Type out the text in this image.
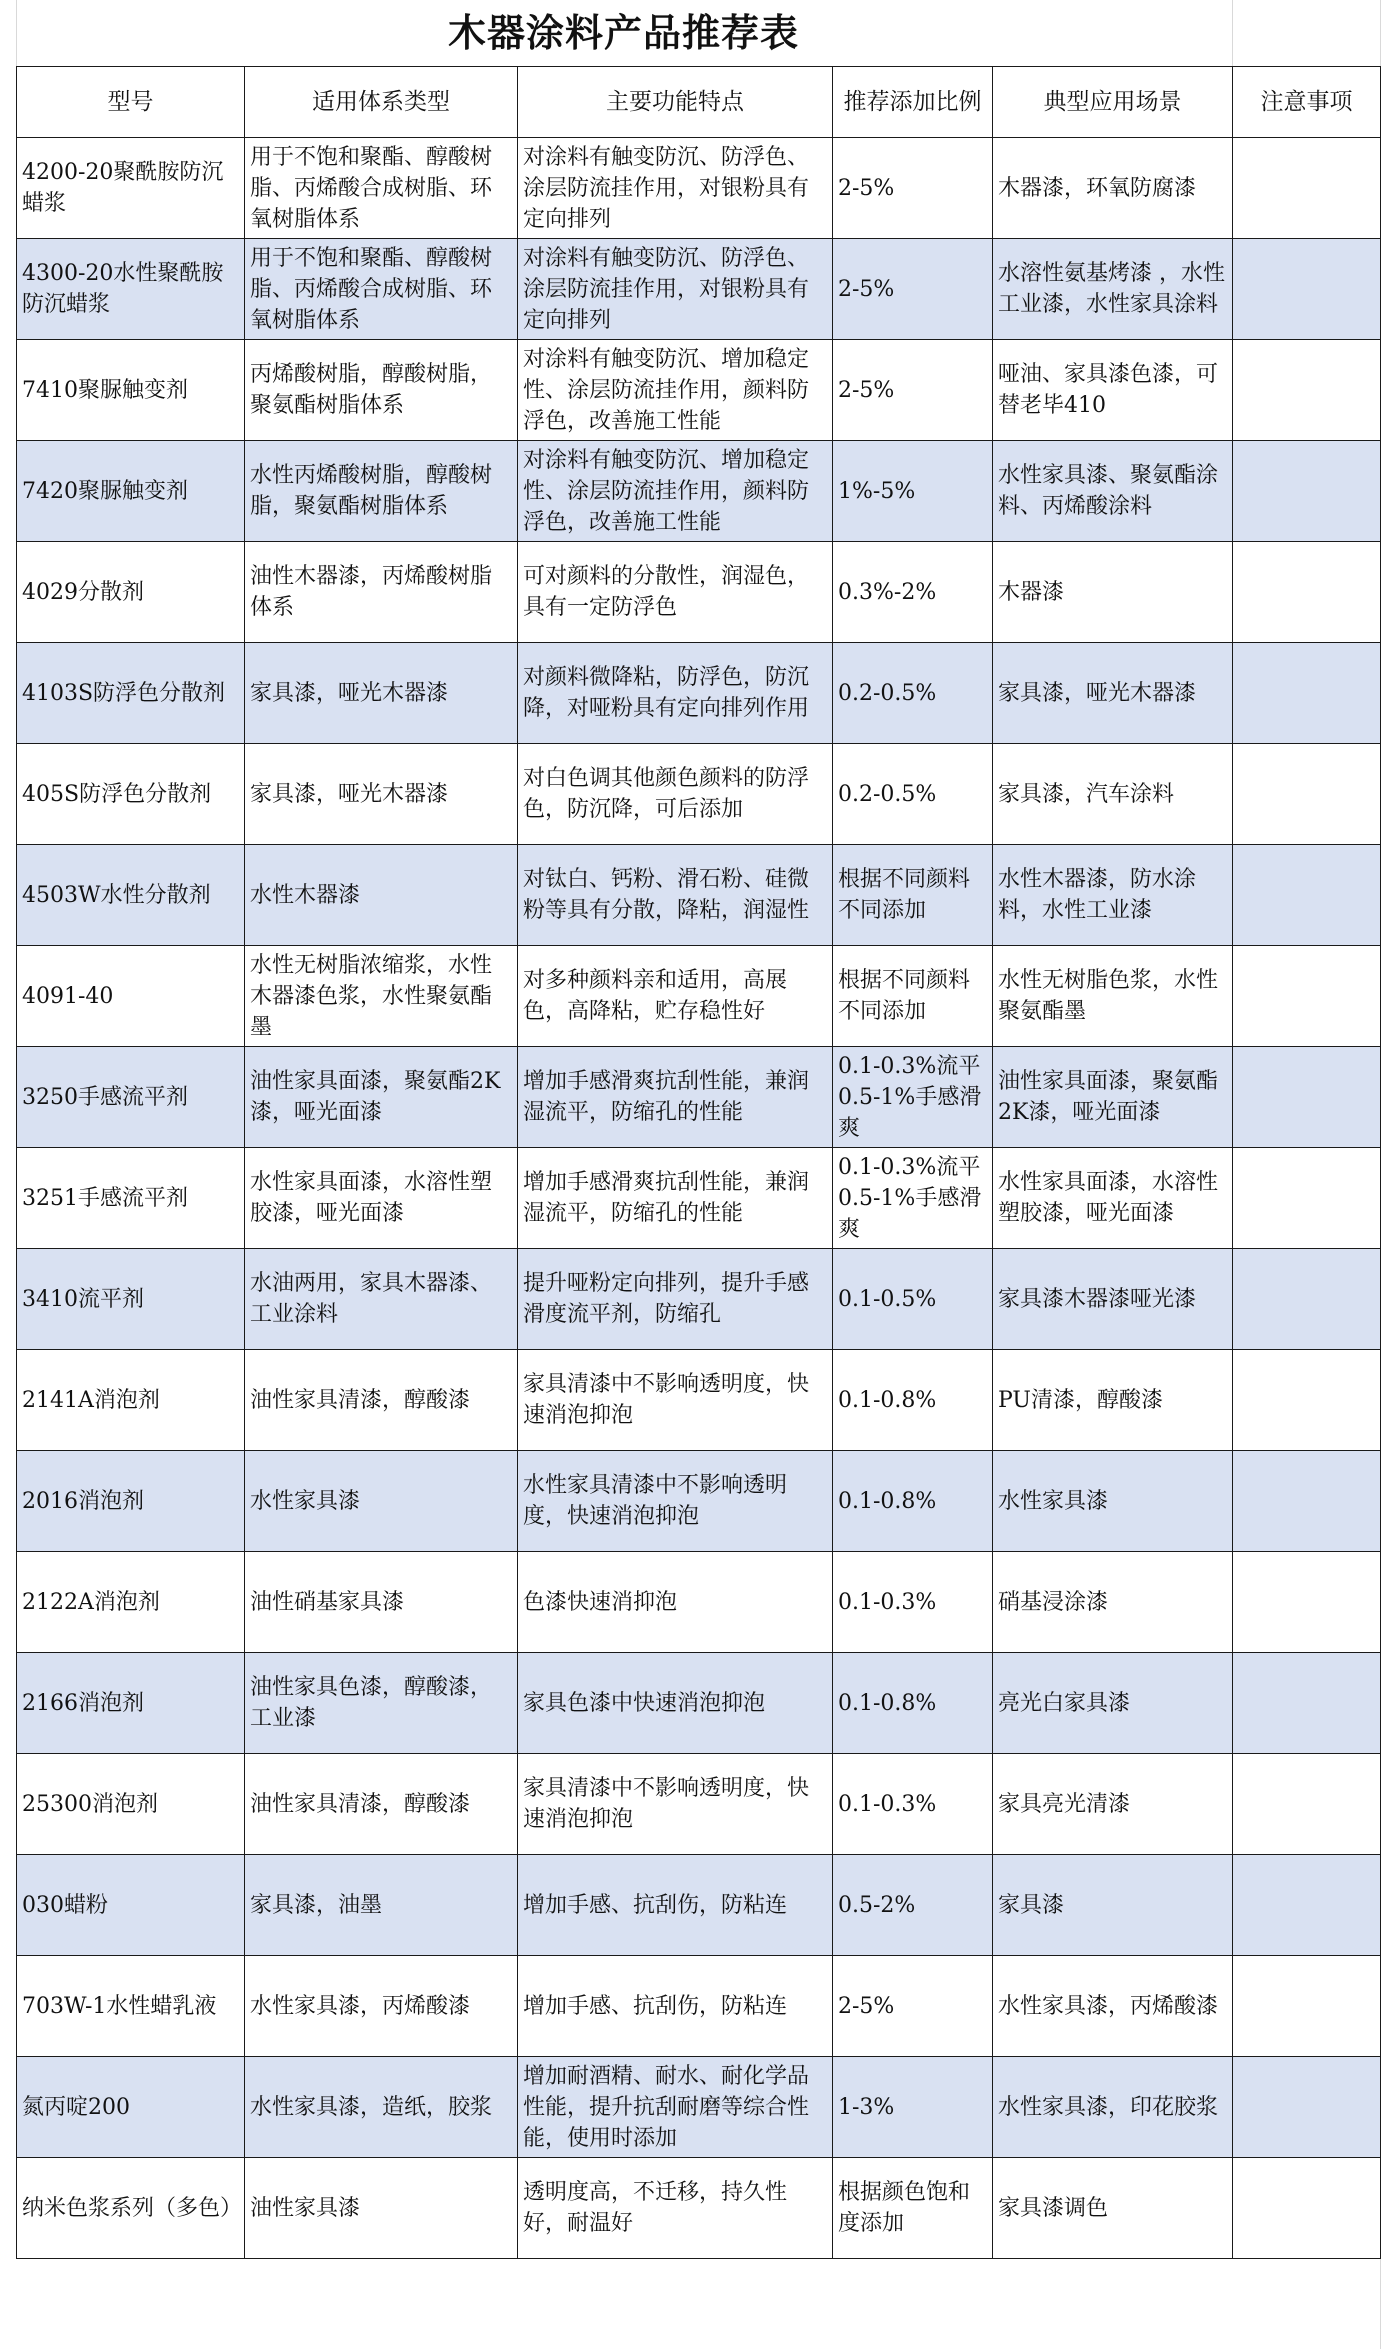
木器涂料产品推荐表
型号	适用体系类型	主要功能特点	推荐添加比例	典型应用场景	注意事项
4200-20聚酰胺防沉蜡浆	用于不饱和聚酯、醇酸树脂、丙烯酸合成树脂、环氧树脂体系	对涂料有触变防沉、防浮色、涂层防流挂作用，对银粉具有定向排列	2-5%	木器漆，环氧防腐漆	
4300-20水性聚酰胺防沉蜡浆	用于不饱和聚酯、醇酸树脂、丙烯酸合成树脂、环氧树脂体系	对涂料有触变防沉、防浮色、涂层防流挂作用，对银粉具有定向排列	2-5%	水溶性氨基烤漆 ，水性工业漆，水性家具涂料	
7410聚脲触变剂	丙烯酸树脂，醇酸树脂，聚氨酯树脂体系	对涂料有触变防沉、增加稳定性、涂层防流挂作用，颜料防浮色，改善施工性能	2-5%	哑油、家具漆色漆，可替老毕410	
7420聚脲触变剂	水性丙烯酸树脂，醇酸树脂，聚氨酯树脂体系	对涂料有触变防沉、增加稳定性、涂层防流挂作用，颜料防浮色，改善施工性能	1%-5%	水性家具漆、聚氨酯涂料、丙烯酸涂料	
4029分散剂	油性木器漆，丙烯酸树脂体系	可对颜料的分散性，润湿色，具有一定防浮色	0.3%-2%	木器漆	
4103S防浮色分散剂	家具漆，哑光木器漆	对颜料微降粘，防浮色，防沉降，对哑粉具有定向排列作用	0.2-0.5%	家具漆，哑光木器漆	
405S防浮色分散剂	家具漆，哑光木器漆	对白色调其他颜色颜料的防浮色，防沉降，可后添加	0.2-0.5%	家具漆，汽车涂料	
4503W水性分散剂	水性木器漆	对钛白、钙粉、滑石粉、硅微粉等具有分散，降粘，润湿性	根据不同颜料不同添加	水性木器漆，防水涂料，水性工业漆	
4091-40	水性无树脂浓缩浆，水性木器漆色浆，水性聚氨酯墨	对多种颜料亲和适用，高展色，高降粘，贮存稳性好	根据不同颜料不同添加	水性无树脂色浆，水性聚氨酯墨	
3250手感流平剂	油性家具面漆，聚氨酯2K漆，哑光面漆	增加手感滑爽抗刮性能，兼润湿流平，防缩孔的性能	0.1-0.3%流平0.5-1%手感滑爽	油性家具面漆，聚氨酯2K漆，哑光面漆	
3251手感流平剂	水性家具面漆，水溶性塑胶漆，哑光面漆	增加手感滑爽抗刮性能，兼润湿流平，防缩孔的性能	0.1-0.3%流平0.5-1%手感滑爽	水性家具面漆，水溶性塑胶漆，哑光面漆	
3410流平剂	水油两用，家具木器漆、工业涂料	提升哑粉定向排列，提升手感滑度流平剂，防缩孔	0.1-0.5%	家具漆木器漆哑光漆	
2141A消泡剂	油性家具清漆，醇酸漆	家具清漆中不影响透明度，快速消泡抑泡	0.1-0.8%	PU清漆，醇酸漆	
2016消泡剂	水性家具漆	水性家具清漆中不影响透明度，快速消泡抑泡	0.1-0.8%	水性家具漆	
2122A消泡剂	油性硝基家具漆	色漆快速消抑泡	0.1-0.3%	硝基浸涂漆	
2166消泡剂	油性家具色漆，醇酸漆，工业漆	家具色漆中快速消泡抑泡	0.1-0.8%	亮光白家具漆	
25300消泡剂	油性家具清漆，醇酸漆	家具清漆中不影响透明度，快速消泡抑泡	0.1-0.3%	家具亮光清漆	
030蜡粉	家具漆，油墨	增加手感、抗刮伤，防粘连	0.5-2%	家具漆	
703W-1水性蜡乳液	水性家具漆，丙烯酸漆	增加手感、抗刮伤，防粘连	2-5%	水性家具漆，丙烯酸漆	
氮丙啶200	水性家具漆，造纸，胶浆	增加耐酒精、耐水、耐化学品性能，提升抗刮耐磨等综合性能，使用时添加	1-3%	水性家具漆，印花胶浆	
纳米色浆系列（多色）	油性家具漆	透明度高，不迁移，持久性好，耐温好	根据颜色饱和度添加	家具漆调色	
